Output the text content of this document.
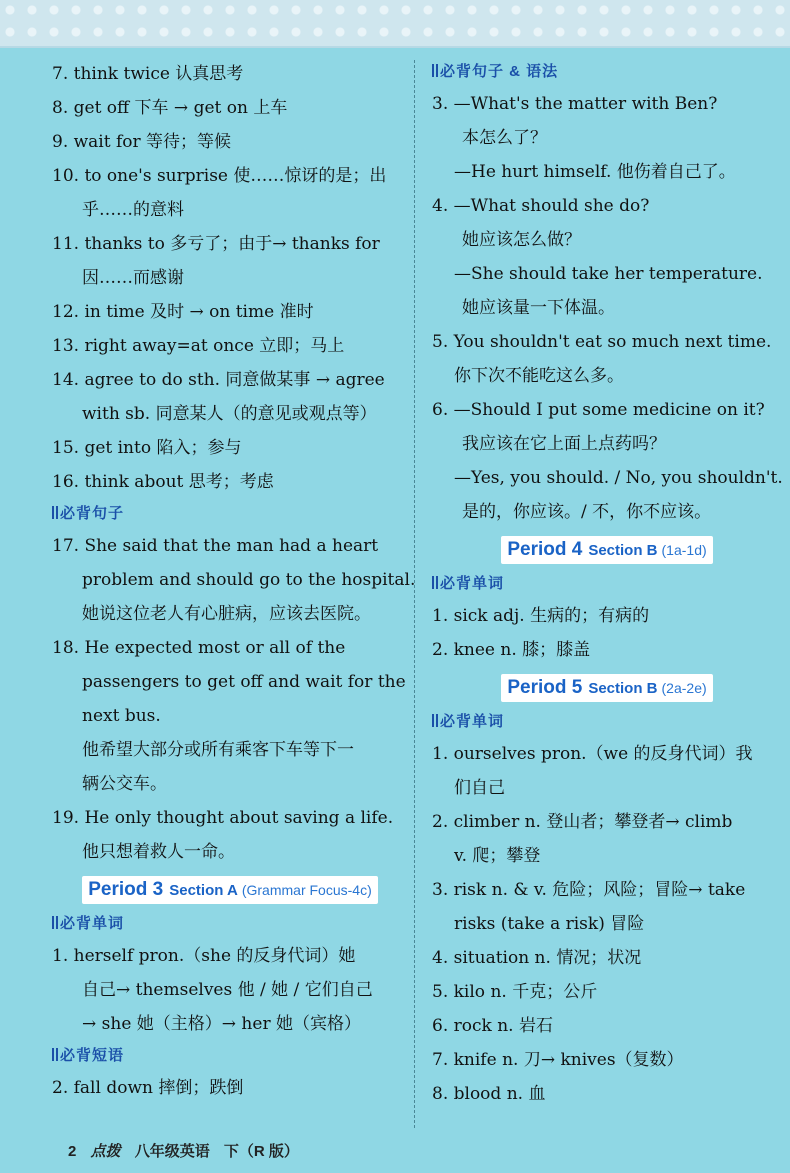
7. think twice 认真思考
8. get off 下车 → get on 上车
9. wait for 等待；等候
10. to one's surprise 使……惊讶的是；出
乎……的意料
11. thanks to 多亏了；由于→ thanks for
因……而感谢
12. in time 及时 → on time 准时
13. right away=at once 立即；马上
14. agree to do sth. 同意做某事 → agree
with sb. 同意某人（的意见或观点等）
15. get into 陷入；参与
16. think about 思考；考虑
必背句子
17. She said that the man had a heart
problem and should go to the hospital.
她说这位老人有心脏病，应该去医院。
18. He expected most or all of the
passengers to get off and wait for the
next bus.
他希望大部分或所有乘客下车等下一
辆公交车。
19. He only thought about saving a life.
他只想着救人一命。
Period 3 Section A (Grammar Focus-4c)
必背单词
1. herself pron.（she 的反身代词）她
自己→ themselves 他 / 她 / 它们自己
→ she 她（主格）→ her 她（宾格）
必背短语
2. fall down 摔倒；跌倒
必背句子 & 语法
3. —What's the matter with Ben?
本怎么了？
—He hurt himself. 他伤着自己了。
4. —What should she do?
她应该怎么做？
—She should take her temperature.
她应该量一下体温。
5. You shouldn't eat so much next time.
你下次不能吃这么多。
6. —Should I put some medicine on it?
我应该在它上面上点药吗？
—Yes, you should. / No, you shouldn't.
是的，你应该。/ 不，你不应该。
Period 4 Section B (1a-1d)
必背单词
1. sick adj. 生病的；有病的
2. knee n. 膝；膝盖
Period 5 Section B (2a-2e)
必背单词
1. ourselves pron.（we 的反身代词）我
们自己
2. climber n. 登山者；攀登者→ climb
v. 爬；攀登
3. risk n. & v. 危险；风险；冒险→ take
risks (take a risk) 冒险
4. situation n. 情况；状况
5. kilo n. 千克；公斤
6. rock n. 岩石
7. knife n. 刀→ knives（复数）
8. blood n. 血
2 点拨 八年级英语 下（R 版）
